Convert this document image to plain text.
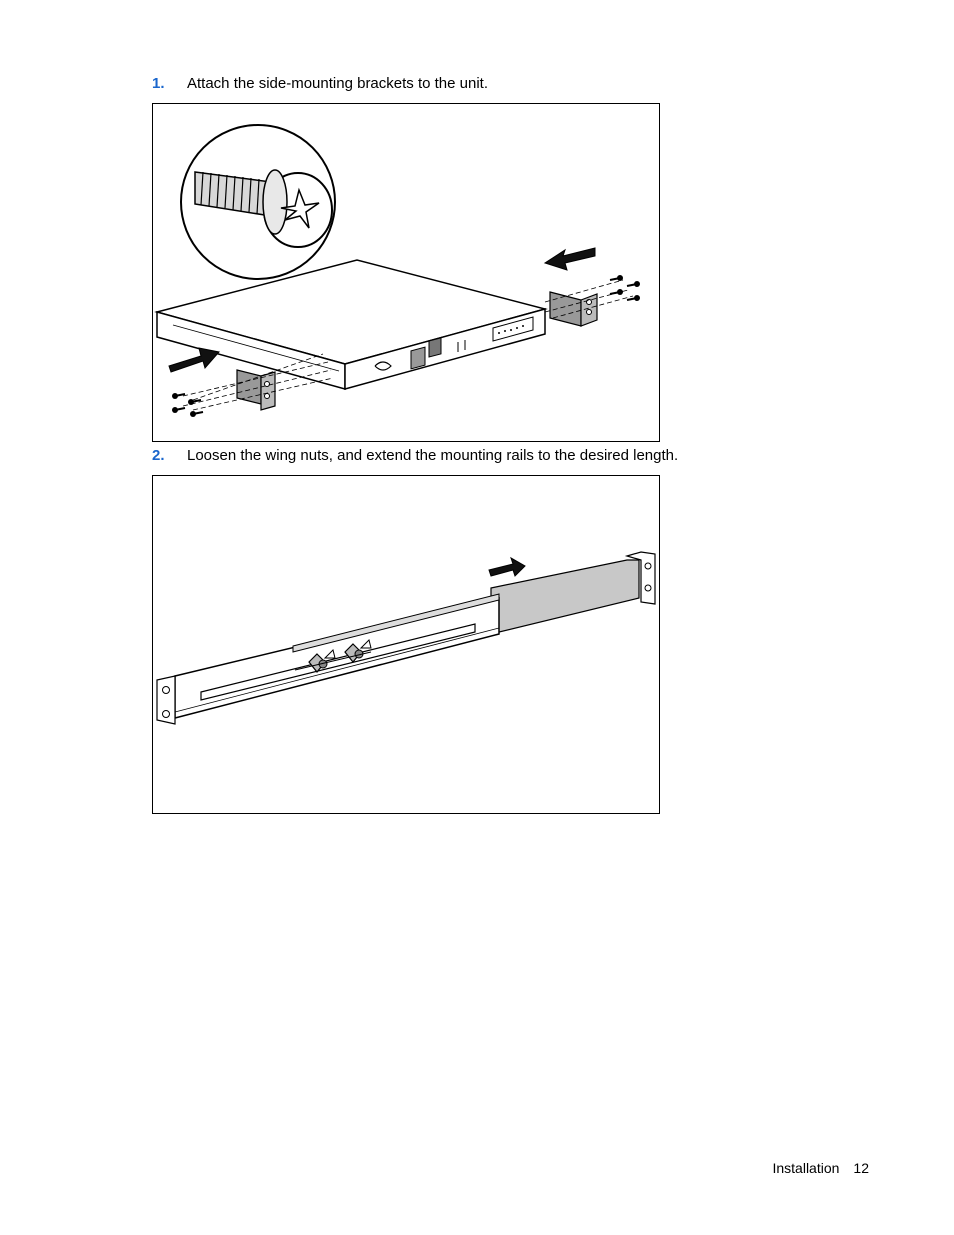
1. Attach the side-mounting brackets to the unit.
2. Loosen the wing nuts, and extend the mounting rails to the desired length.
Installation 12
